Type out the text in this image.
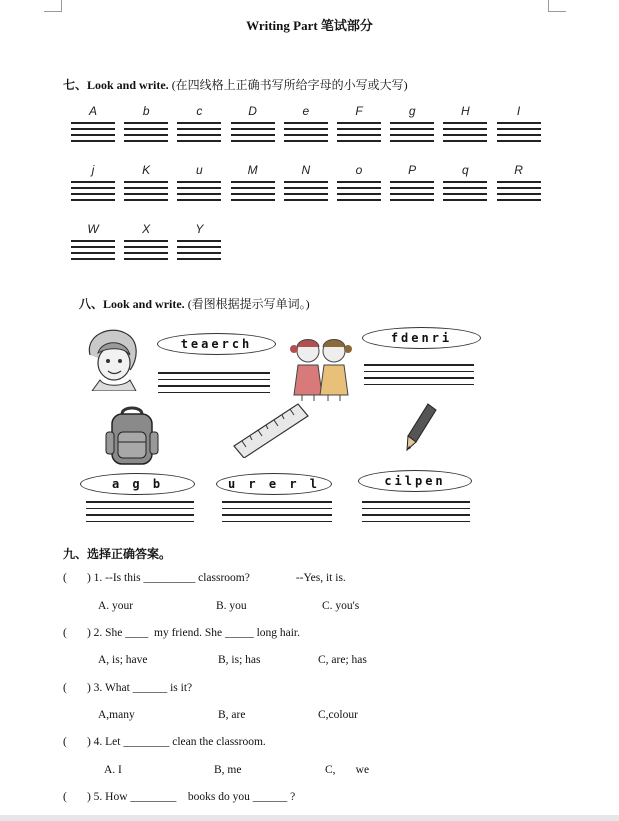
Writing Part 笔试部分
七、Look and write. (在四线格上正确书写所给字母的小写或大写)
A	b	c	D	e	F	g	H	I
j	K	u	M	N	o	P	q	R
W	X	Y
八、Look and write. (看图根据提示写单词。)
teaerch	fdenri
a g b	u r e r l	cilpen
九、选择正确答案。
(       ) 1. --Is this _________ classroom?                --Yes, it is.
A. your	B. you	C. you's
(       ) 2. She ____  my friend. She _____ long hair.
A, is; have	B, is; has	C, are; has
(       ) 3. What ______ is it?
A,many	B, are	C,colour
(       ) 4. Let ________ clean the classroom.
A. I	B, me	C,       we
(       ) 5. How ________    books do you ______ ?
